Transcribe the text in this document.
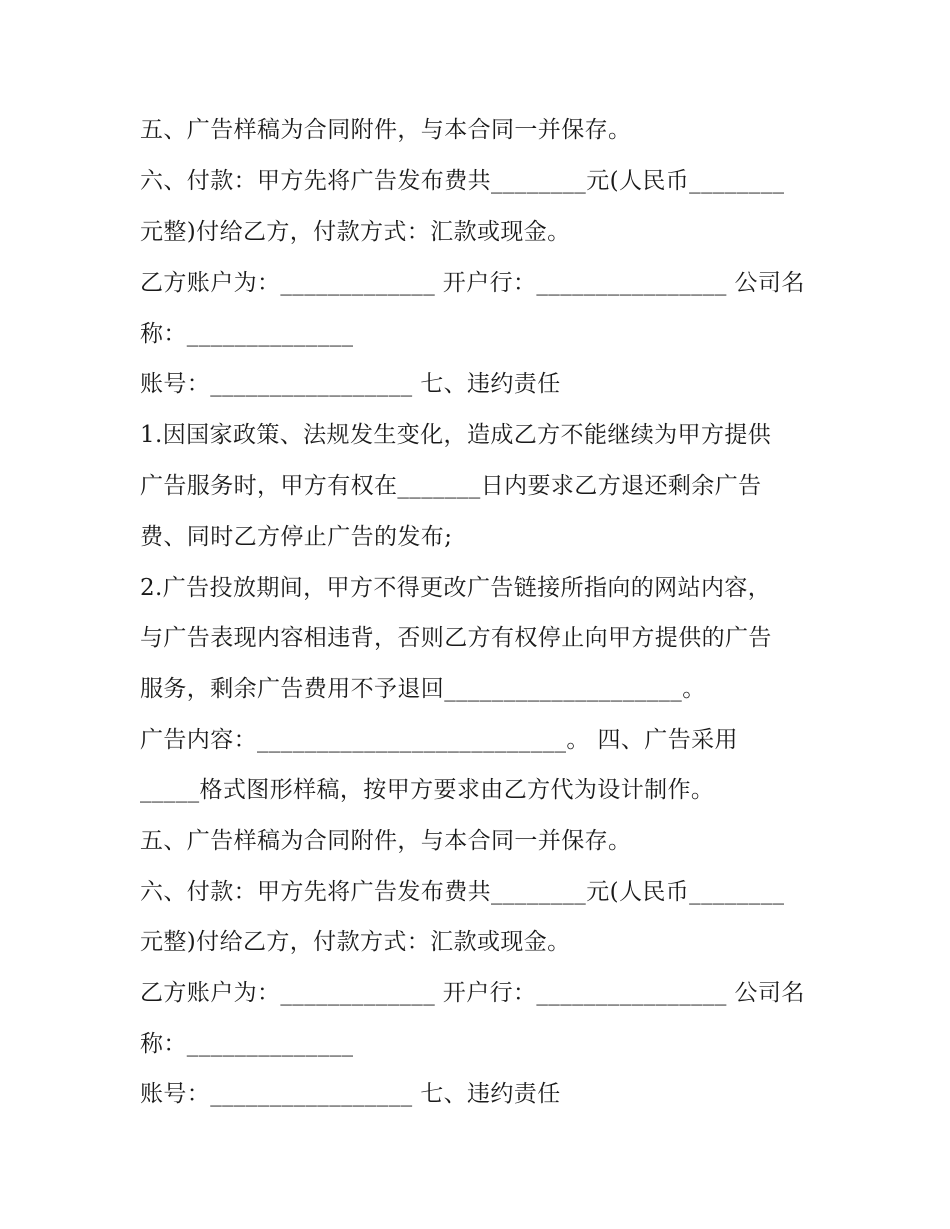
五、广告样稿为合同附件，与本合同一并保存。
六、付款：甲方先将广告发布费共________元(人民币________
元整)付给乙方，付款方式：汇款或现金。
乙方账户为：_____________ 开户行：________________ 公司名
称：______________
账号：_________________ 七、违约责任
1.因国家政策、法规发生变化，造成乙方不能继续为甲方提供
广告服务时，甲方有权在_______日内要求乙方退还剩余广告
费、同时乙方停止广告的发布;
2.广告投放期间，甲方不得更改广告链接所指向的网站内容，
与广告表现内容相违背，否则乙方有权停止向甲方提供的广告
服务，剩余广告费用不予退回____________________。
广告内容：__________________________。 四、广告采用
_____格式图形样稿，按甲方要求由乙方代为设计制作。
五、广告样稿为合同附件，与本合同一并保存。
六、付款：甲方先将广告发布费共________元(人民币________
元整)付给乙方，付款方式：汇款或现金。
乙方账户为：_____________ 开户行：________________ 公司名
称：______________
账号：_________________ 七、违约责任
